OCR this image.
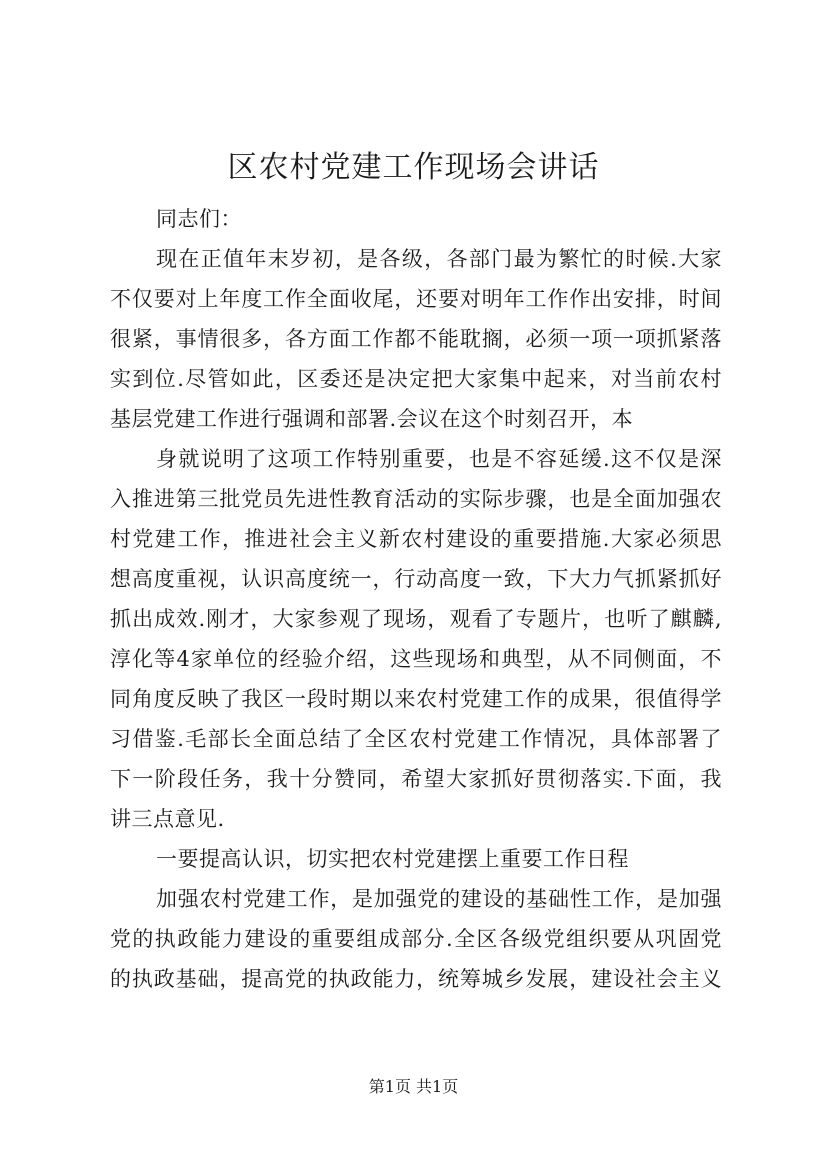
区农村党建工作现场会讲话
同志们：
现在正值年末岁初，是各级，各部门最为繁忙的时候.大家
不仅要对上年度工作全面收尾，还要对明年工作作出安排，时间
很紧，事情很多，各方面工作都不能耽搁，必须一项一项抓紧落
实到位.尽管如此，区委还是决定把大家集中起来，对当前农村
基层党建工作进行强调和部署.会议在这个时刻召开，本
身就说明了这项工作特别重要，也是不容延缓.这不仅是深
入推进第三批党员先进性教育活动的实际步骤，也是全面加强农
村党建工作，推进社会主义新农村建设的重要措施.大家必须思
想高度重视，认识高度统一，行动高度一致，下大力气抓紧抓好
抓出成效.刚才，大家参观了现场，观看了专题片，也听了麒麟,
淳化等4家单位的经验介绍，这些现场和典型，从不同侧面，不
同角度反映了我区一段时期以来农村党建工作的成果，很值得学
习借鉴.毛部长全面总结了全区农村党建工作情况，具体部署了
下一阶段任务，我十分赞同，希望大家抓好贯彻落实.下面，我
讲三点意见.
一要提高认识，切实把农村党建摆上重要工作日程
加强农村党建工作，是加强党的建设的基础性工作，是加强
党的执政能力建设的重要组成部分.全区各级党组织要从巩固党
的执政基础，提高党的执政能力，统筹城乡发展，建设社会主义
第1页 共1页
